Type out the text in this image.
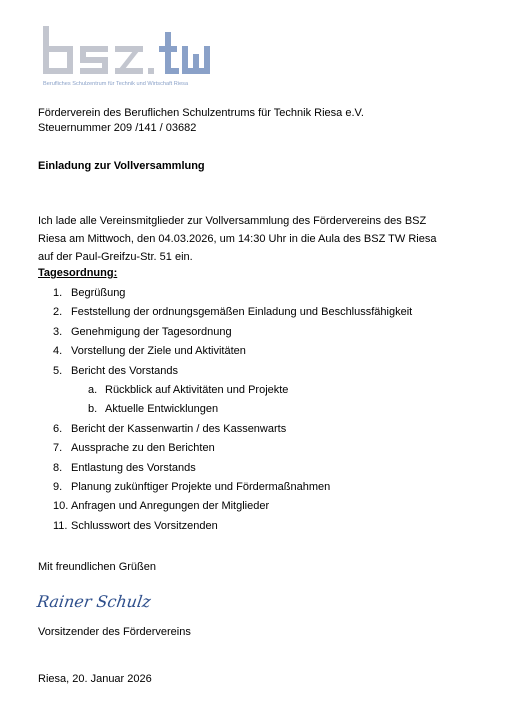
Berufliches Schulzentrum für Technik und Wirtschaft Riesa
Förderverein des Beruflichen Schulzentrums für Technik Riesa e.V.
Steuernummer 209 /141 / 03682
Einladung zur Vollversammlung
Ich lade alle Vereinsmitglieder zur Vollversammlung des Fördervereins des BSZ
Riesa am Mittwoch, den 04.03.2026, um 14:30 Uhr in die Aula des BSZ TW Riesa
auf der Paul-Greifzu-Str. 51 ein.
Tagesordnung:
1. Begrüßung
2. Feststellung der ordnungsgemäßen Einladung und Beschlussfähigkeit
3. Genehmigung der Tagesordnung
4. Vorstellung der Ziele und Aktivitäten
5. Bericht des Vorstands
a. Rückblick auf Aktivitäten und Projekte
b. Aktuelle Entwicklungen
6. Bericht der Kassenwartin / des Kassenwarts
7. Aussprache zu den Berichten
8. Entlastung des Vorstands
9. Planung zukünftiger Projekte und Fördermaßnahmen
10. Anfragen und Anregungen der Mitglieder
11. Schlusswort des Vorsitzenden
Mit freundlichen Grüßen
Rainer Schulz
Vorsitzender des Fördervereins
Riesa, 20. Januar 2026
